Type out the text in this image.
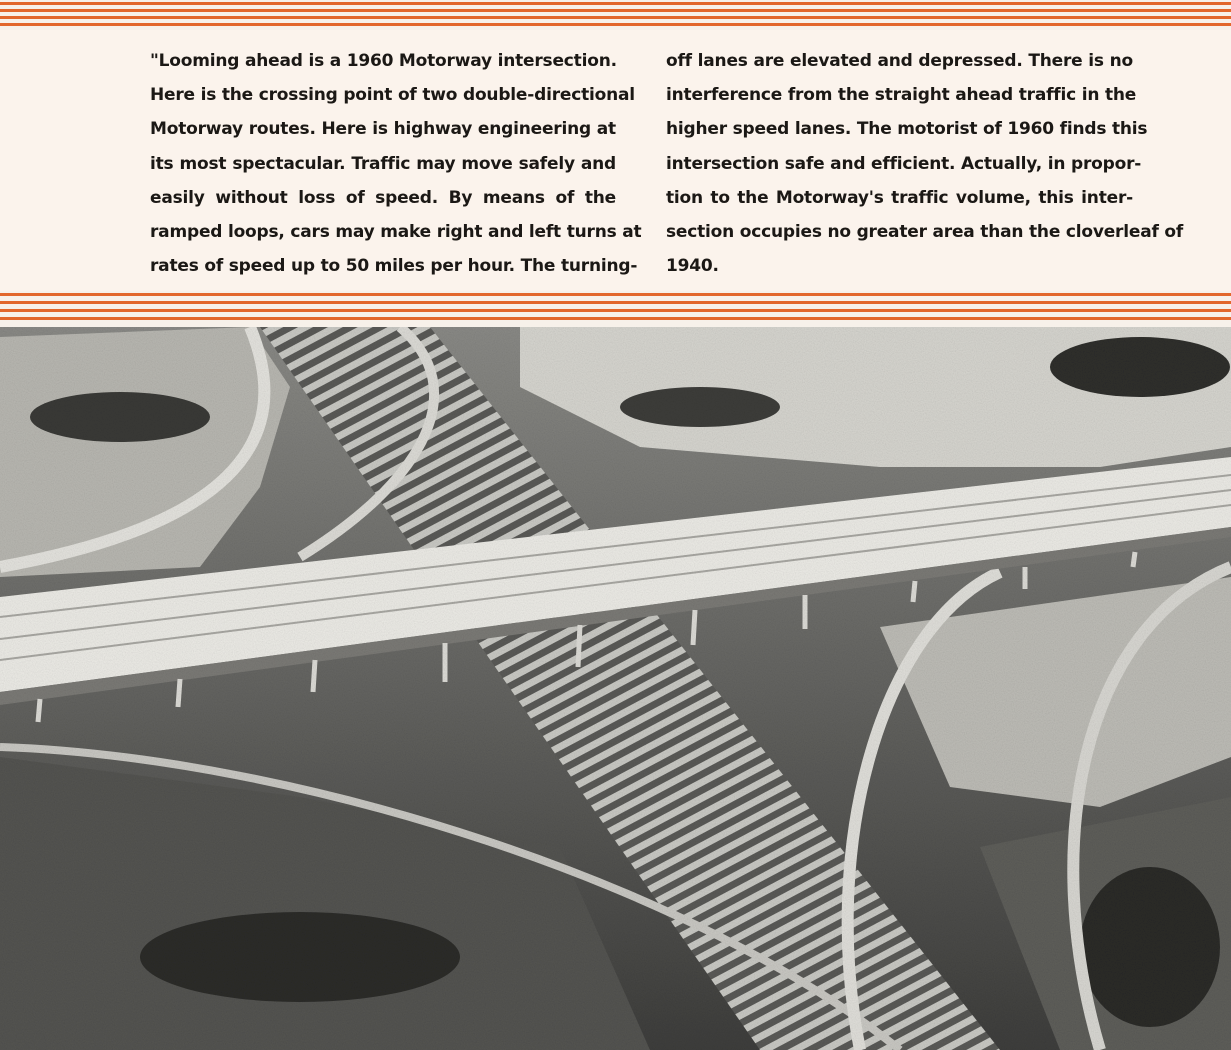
"Looming ahead is a 1960 Motorway intersection.
Here is the crossing point of two double-directional
Motorway routes. Here is highway engineering at
its most spectacular. Traffic may move safely and
easily without loss of speed. By means of the
ramped loops, cars may make right and left turns at
rates of speed up to 50 miles per hour. The turning-
off lanes are elevated and depressed. There is no
interference from the straight ahead traffic in the
higher speed lanes. The motorist of 1960 finds this
intersection safe and efficient. Actually, in propor-
tion to the Motorway's traffic volume, this inter-
section occupies no greater area than the cloverleaf of
1940.
